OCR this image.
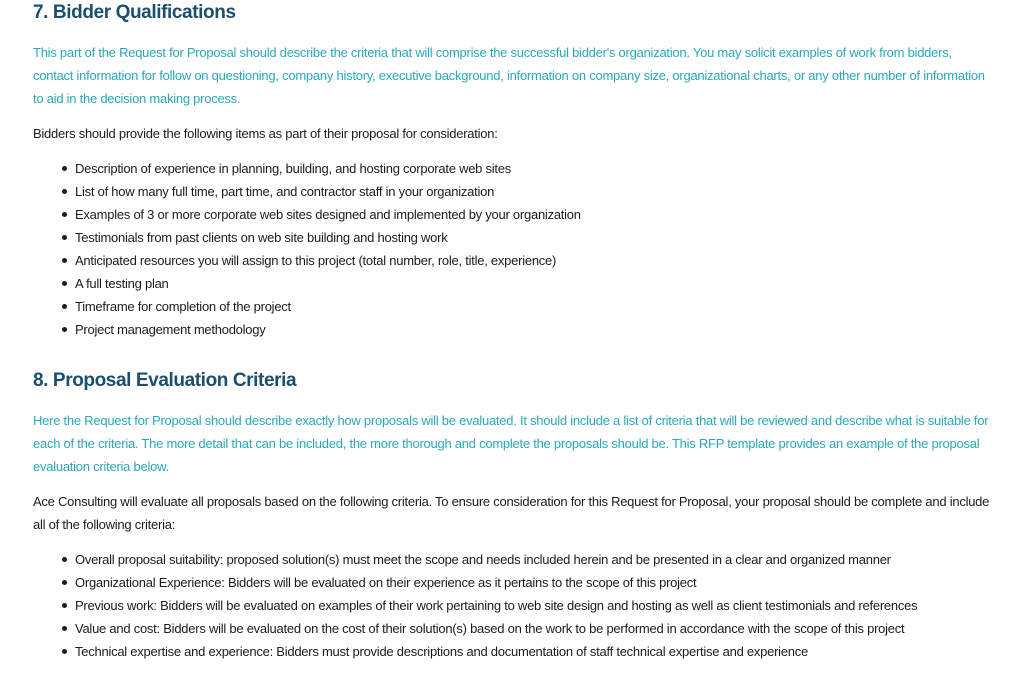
7. Bidder Qualifications

This part of the Request for Proposal should describe the criteria that will comprise the successful bidder's organization. You may solicit examples of work from bidders, contact information for follow on questioning, company history, executive background, information on company size, organizational charts, or any other number of information to aid in the decision making process.

Bidders should provide the following items as part of their proposal for consideration:

Description of experience in planning, building, and hosting corporate web sites
List of how many full time, part time, and contractor staff in your organization
Examples of 3 or more corporate web sites designed and implemented by your organization
Testimonials from past clients on web site building and hosting work
Anticipated resources you will assign to this project (total number, role, title, experience)
A full testing plan
Timeframe for completion of the project
Project management methodology
8. Proposal Evaluation Criteria

Here the Request for Proposal should describe exactly how proposals will be evaluated. It should include a list of criteria that will be reviewed and describe what is suitable for each of the criteria. The more detail that can be included, the more thorough and complete the proposals should be. This RFP template provides an example of the proposal evaluation criteria below.

Ace Consulting will evaluate all proposals based on the following criteria. To ensure consideration for this Request for Proposal, your proposal should be complete and include all of the following criteria:

Overall proposal suitability: proposed solution(s) must meet the scope and needs included herein and be presented in a clear and organized manner
Organizational Experience: Bidders will be evaluated on their experience as it pertains to the scope of this project
Previous work: Bidders will be evaluated on examples of their work pertaining to web site design and hosting as well as client testimonials and references
Value and cost: Bidders will be evaluated on the cost of their solution(s) based on the work to be performed in accordance with the scope of this project
Technical expertise and experience: Bidders must provide descriptions and documentation of staff technical expertise and experience
